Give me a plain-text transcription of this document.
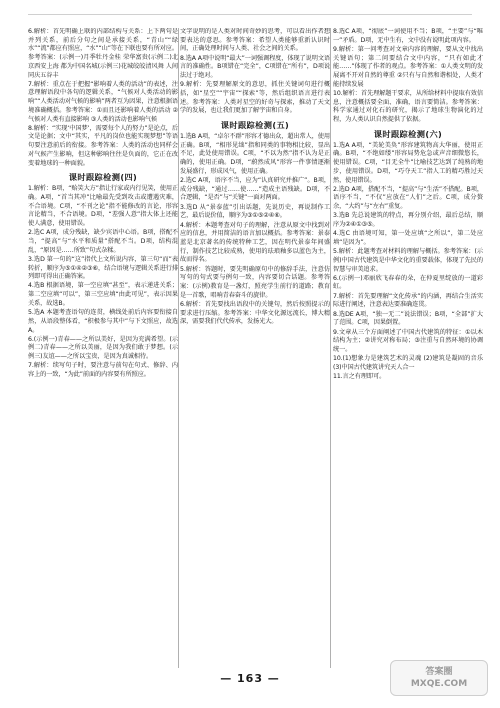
6.解析：首先明确上联的内部结构与关系：上下两句是并列关系，前后分句之间是承接关系，“青山”“绿水”“流”都应有照应，“水”“山”等在下联也要有所对应。参考答案：(示例一)月季牡丹金桂 荣华富贵(示例二)北京西安上海 都为中国名城(示例三)花城皎皎清风舞 人间同庆五谷丰
7.解析：重点在于把握“影响着人类的活动”的表述，注意理解语段中各句的逻辑关系，“气候对人类活动的影响”“人类活动对气候的影响”两者互为因果，注意根据语境准确概括。参考答案：①而且还影响着人类的活动 ②气候对人类有直接影响 ③人类的活动也影响气候
8.解析：“实现‘中国梦’，需要每个人的努力”是论点，后文是论据；文中“其实，平凡的岗位也能实现梦想”等语句要注意前后的衔接。参考答案：人类的活动也同样会对气候产生影响，但这种影响往往是负面的，它正在改变着地球的一种面貌。
课时跟踪检测(四)
1.解析：B项，“贻笑大方”指让行家或内行见笑，使用正确。A项，“首当其冲”比喻最先受到攻击或遭遇灾难，不合语境。C项，“不刊之论”指不能修改的言论，形容言论精当，不合语境。D项，“差强人意”指大体上还能使人满意，使用错误。
2.选C A项，成分残缺，缺少宾语中心语。B项，搭配不当，“提高”与“水平和质量”搭配不当。D项，结构混乱，“原因是……所致”句式杂糅。
3.选D 第一句的“这”指代上文所说内容，第三句“而”表转折，顺序为⑤①④②③⑥，结合语境与逻辑关系进行排列即可得出正确答案。
4.选B 根据语境，第一空应填“甚至”，表示递进关系；第二空应填“可以”，第三空应填“由此可见”，表示因果关系，故选B。
5.选A 本题考查语句的连贯，横线处前后内容要衔接自然，从语段整体看，“积极参与其中”与下文照应，故选A。
6.(示例一)青春——之所以美好，是因为充满希望。(示例二)青春——之所以美丽，是因为我们敢于梦想。(示例三)友谊——之所以宝贵，是因为真诚相待。
7.解析：续写句子时，要注意与前句在句式、修辞、内容上的一致，“为此”前面的内容要有所照应。
文字说明的是人类对时间奇妙的思考，可以看出作者想要表达的意思。参考答案：希望人类能够重新认识时间，正确处理时间与人类、社会之间的关系。
8.选A A项中说明“最大”一词强调程度，体现了说明文语言的准确性。B项错在“完全”，C项错在“所有”，D项说法过于绝对。
9.解析：先要理解原文的意思，抓住关键词句进行概括，如“星空”“宇宙”“探索”等，然后组织语言进行表述。参考答案：人类对星空的好奇与探索，推动了天文学的发展，也让我们更加了解宇宙和自身。
课时跟踪检测(五)
1.选B A项，“卓尔不群”形容才德出众，超出常人，使用正确。B项，“相形见绌”指和同类的事物相比较，显出不足，此处使用错误。C项，“不以为然”指不认为是正确的，使用正确。D项，“蔚然成风”形容一件事情逐渐发展盛行，形成风气，使用正确。
2.选C A项，语序不当，应为“认真研究并推广”。B项，成分残缺，“通过……使……”造成主语残缺。D项，不合逻辑，“是否”与“关键”一面对两面。
3.选D 从“景泰蓝”引出话题，先说历史，再说制作工艺，最后说价值，顺序为③①⑤②④⑥。
4.解析：本题考查对句子的理解，注意从原文中找到对应的信息，并用简洁的语言加以概括。参考答案：景泰蓝是北京著名的传统特种工艺，因在明代景泰年间盛行，制作技艺比较成熟，使用的珐琅釉多以蓝色为主，故而得名。
5.解析：答题时，要先明确原句中的修辞手法，注意仿写句的句式要与例句一致，内容要切合话题。参考答案：(示例)教育是一盏灯，照亮学生前行的道路；教育是一首歌，唱响青春奋斗的旋律。
6.解析：首先要找出语段中的关键句，然后按照提示的要求进行压缩。参考答案：中华文化源远流长，博大精深，需要我们代代传承，发扬光大。
8.选C A项，“彻底”一词使用不当；B项，“主要”与“唯一”矛盾。D项，无中生有，文中没有说明此项内容。
9.解析：第一问考查对文章内容的理解，要从文中找出关键语句；第二问要结合文中内容，“只有如此才能……”体现了作者的观点。参考答案：①人类文明的发展离不开对自然的尊重 ②只有与自然和谐相处，人类才能持续发展
10.解析：首先理解题干要求，从所给材料中提取有效信息，注意概括要全面、准确，语言要简洁。参考答案：科学家通过对化石的研究，揭示了地球生物演化的过程，为人类认识自然提供了依据。
课时跟踪检测(六)
1.选A A项，“美轮美奂”形容建筑物高大华丽，使用正确。B项，“不绝如缕”形容局势危急或声音细微悠长，使用错误。C项，“目无全牛”比喻技艺达到了纯熟的地步，使用错误。D项，“巧夺天工”指人工的精巧胜过天然，使用错误。
2.选D A项，搭配不当，“提高”与“生活”不搭配。B项，语序不当，“不仅”应放在“人们”之后。C项，成分赘余，“大约”与“左右”重复。
3.选B 先总说建筑的特点，再分别介绍，最后总结，顺序为②④①③⑤。
4.选C 由语境可知，第一处应填“之所以”，第二处应填“是因为”。
5.解析：此题考查对材料的理解与概括。参考答案：(示例)中国古代建筑是中华文化的重要载体，体现了先民的智慧与审美追求。
6.(示例一)邓丽欣飞春春的朵，在仲夏里绽放的一道彩虹。
7.解析：首先要理解“文化传承”的内涵，再结合生活实际进行阐述，注意表达要准确连贯。
8.选DE A项，“独一无二”说法错误；B项，“全部”扩大了范围。C项，因果倒置。
9.文章从三个方面阐述了中国古代建筑的特征：①以木结构为主；②讲究对称布局；③注重与自然环境的协调统一。
10.(1)想象力是建筑艺术的灵魂 (2)建筑是凝固的音乐 (3)中国古代建筑讲究天人合一
11.言之有理即可。
— 163 —	答案圈
MXQE.COM
